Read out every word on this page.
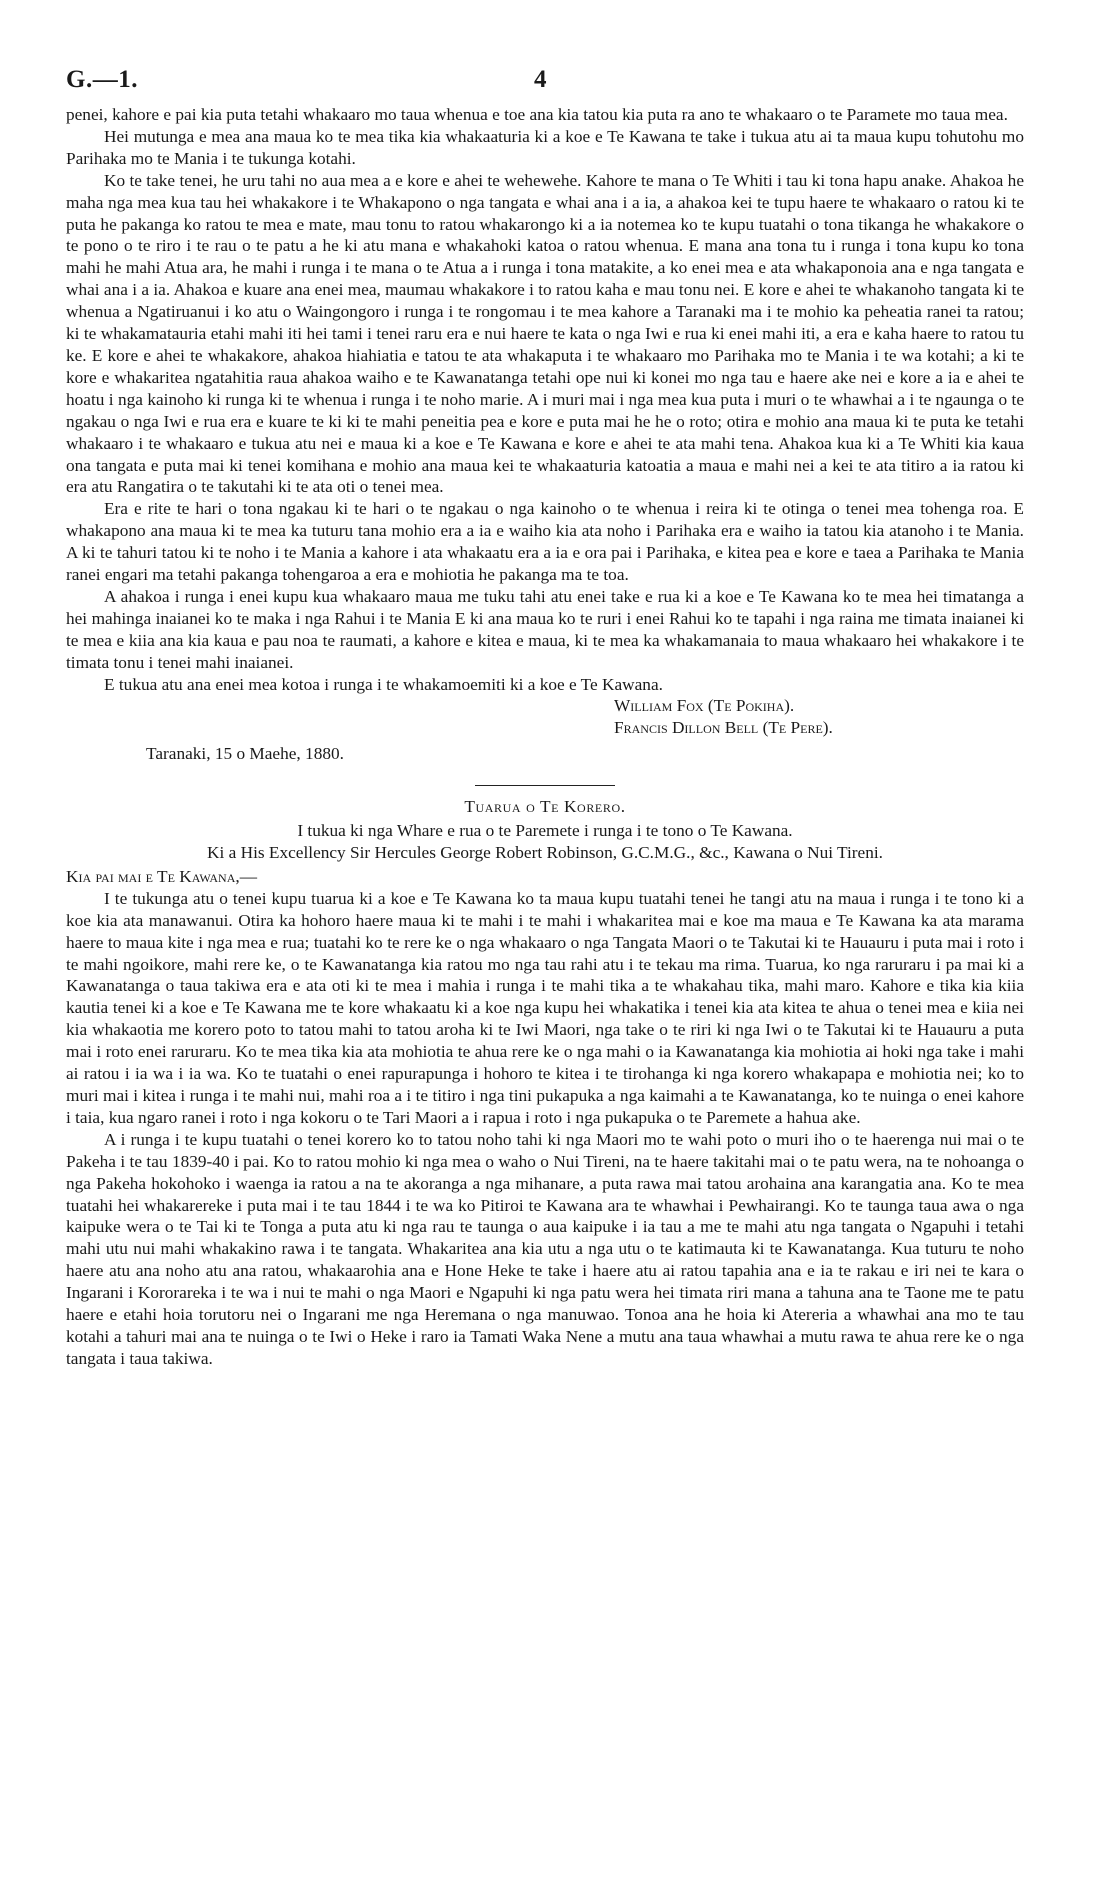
G.—1.	4

penei, kahore e pai kia puta tetahi whakaaro mo taua whenua e toe ana kia tatou kia puta ra ano te whakaaro o te Paramete mo taua mea.

Hei mutunga e mea ana maua ko te mea tika kia whakaaturia ki a koe e Te Kawana te take i tukua atu ai ta maua kupu tohutohu mo Parihaka mo te Mania i te tukunga kotahi.

Ko te take tenei, he uru tahi no aua mea a e kore e ahei te wehewehe. Kahore te mana o Te Whiti i tau ki tona hapu anake. Ahakoa he maha nga mea kua tau hei whakakore i te Whakapono o nga tangata e whai ana i a ia, a ahakoa kei te tupu haere te whakaaro o ratou ki te puta he pakanga ko ratou te mea e mate, mau tonu to ratou whakarongo ki a ia notemea ko te kupu tuatahi o tona tikanga he whakakore o te pono o te riro i te rau o te patu a he ki atu mana e whakahoki katoa o ratou whenua. E mana ana tona tu i runga i tona kupu ko tona mahi he mahi Atua ara, he mahi i runga i te mana o te Atua a i runga i tona matakite, a ko enei mea e ata whakaponoia ana e nga tangata e whai ana i a ia. Ahakoa e kuare ana enei mea, maumau whakakore i to ratou kaha e mau tonu nei. E kore e ahei te whakanoho tangata ki te whenua a Ngatiruanui i ko atu o Waingongoro i runga i te rongomau i te mea kahore a Taranaki ma i te mohio ka peheatia ranei ta ratou; ki te whakamatauria etahi mahi iti hei tami i tenei raru era e nui haere te kata o nga Iwi e rua ki enei mahi iti, a era e kaha haere to ratou tu ke. E kore e ahei te whakakore, ahakoa hiahiatia e tatou te ata whakaputa i te whakaaro mo Parihaka mo te Mania i te wa kotahi; a ki te kore e whakaritea ngatahitia raua ahakoa waiho e te Kawanatanga tetahi ope nui ki konei mo nga tau e haere ake nei e kore a ia e ahei te hoatu i nga kainoho ki runga ki te whenua i runga i te noho marie. A i muri mai i nga mea kua puta i muri o te whawhai a i te ngaunga o te ngakau o nga Iwi e rua era e kuare te ki ki te mahi peneitia pea e kore e puta mai he he o roto; otira e mohio ana maua ki te puta ke tetahi whakaaro i te whakaaro e tukua atu nei e maua ki a koe e Te Kawana e kore e ahei te ata mahi tena. Ahakoa kua ki a Te Whiti kia kaua ona tangata e puta mai ki tenei komihana e mohio ana maua kei te whakaaturia katoatia a maua e mahi nei a kei te ata titiro a ia ratou ki era atu Rangatira o te takutahi ki te ata oti o tenei mea.

Era e rite te hari o tona ngakau ki te hari o te ngakau o nga kainoho o te whenua i reira ki te otinga o tenei mea tohenga roa. E whakapono ana maua ki te mea ka tuturu tana mohio era a ia e waiho kia ata noho i Parihaka era e waiho ia tatou kia atanoho i te Mania. A ki te tahuri tatou ki te noho i te Mania a kahore i ata whakaatu era a ia e ora pai i Parihaka, e kitea pea e kore e taea a Parihaka te Mania ranei engari ma tetahi pakanga tohengaroa a era e mohiotia he pakanga ma te toa.

A ahakoa i runga i enei kupu kua whakaaro maua me tuku tahi atu enei take e rua ki a koe e Te Kawana ko te mea hei timatanga a hei mahinga inaianei ko te maka i nga Rahui i te Mania E ki ana maua ko te ruri i enei Rahui ko te tapahi i nga raina me timata inaianei ki te mea e kiia ana kia kaua e pau noa te raumati, a kahore e kitea e maua, ki te mea ka whakamanaia to maua whakaaro hei whakakore i te timata tonu i tenei mahi inaianei.

E tukua atu ana enei mea kotoa i runga i te whakamoemiti ki a koe e Te Kawana.

William Fox (Te Pokiha).

Francis Dillon Bell (Te Pere).

Taranaki, 15 o Maehe, 1880.

Tuarua o Te Korero.

I tukua ki nga Whare e rua o te Paremete i runga i te tono o Te Kawana.

Ki a His Excellency Sir Hercules George Robert Robinson, G.C.M.G., &c., Kawana o Nui Tireni.

Kia pai mai e Te Kawana,—

I te tukunga atu o tenei kupu tuarua ki a koe e Te Kawana ko ta maua kupu tuatahi tenei he tangi atu na maua i runga i te tono ki a koe kia ata manawanui. Otira ka hohoro haere maua ki te mahi i te mahi i whakaritea mai e koe ma maua e Te Kawana ka ata marama haere to maua kite i nga mea e rua; tuatahi ko te rere ke o nga whakaaro o nga Tangata Maori o te Takutai ki te Hauauru i puta mai i roto i te mahi ngoikore, mahi rere ke, o te Kawanatanga kia ratou mo nga tau rahi atu i te tekau ma rima. Tuarua, ko nga raruraru i pa mai ki a Kawanatanga o taua takiwa era e ata oti ki te mea i mahia i runga i te mahi tika a te whakahau tika, mahi maro. Kahore e tika kia kiia kautia tenei ki a koe e Te Kawana me te kore whakaatu ki a koe nga kupu hei whakatika i tenei kia ata kitea te ahua o tenei mea e kiia nei kia whakaotia me korero poto to tatou mahi to tatou aroha ki te Iwi Maori, nga take o te riri ki nga Iwi o te Takutai ki te Hauauru a puta mai i roto enei raruraru. Ko te mea tika kia ata mohiotia te ahua rere ke o nga mahi o ia Kawanatanga kia mohiotia ai hoki nga take i mahi ai ratou i ia wa i ia wa. Ko te tuatahi o enei rapurapunga i hohoro te kitea i te tirohanga ki nga korero whakapapa e mohiotia nei; ko to muri mai i kitea i runga i te mahi nui, mahi roa a i te titiro i nga tini pukapuka a nga kaimahi a te Kawanatanga, ko te nuinga o enei kahore i taia, kua ngaro ranei i roto i nga kokoru o te Tari Maori a i rapua i roto i nga pukapuka o te Paremete a hahua ake.

A i runga i te kupu tuatahi o tenei korero ko to tatou noho tahi ki nga Maori mo te wahi poto o muri iho o te haerenga nui mai o te Pakeha i te tau 1839-40 i pai. Ko to ratou mohio ki nga mea o waho o Nui Tireni, na te haere takitahi mai o te patu wera, na te nohoanga o nga Pakeha hokohoko i waenga ia ratou a na te akoranga a nga mihanare, a puta rawa mai tatou arohaina ana karangatia ana. Ko te mea tuatahi hei whakarereke i puta mai i te tau 1844 i te wa ko Pitiroi te Kawana ara te whawhai i Pewhairangi. Ko te taunga taua awa o nga kaipuke wera o te Tai ki te Tonga a puta atu ki nga rau te taunga o aua kaipuke i ia tau a me te mahi atu nga tangata o Ngapuhi i tetahi mahi utu nui mahi whakakino rawa i te tangata. Whakaritea ana kia utu a nga utu o te katimauta ki te Kawanatanga. Kua tuturu te noho haere atu ana noho atu ana ratou, whakaarohia ana e Hone Heke te take i haere atu ai ratou tapahia ana e ia te rakau e iri nei te kara o Ingarani i Kororareka i te wa i nui te mahi o nga Maori e Ngapuhi ki nga patu wera hei timata riri mana a tahuna ana te Taone me te patu haere e etahi hoia torutoru nei o Ingarani me nga Heremana o nga manuwao. Tonoa ana he hoia ki Atereria a whawhai ana mo te tau kotahi a tahuri mai ana te nuinga o te Iwi o Heke i raro ia Tamati Waka Nene a mutu ana taua whawhai a mutu rawa te ahua rere ke o nga tangata i taua takiwa.
